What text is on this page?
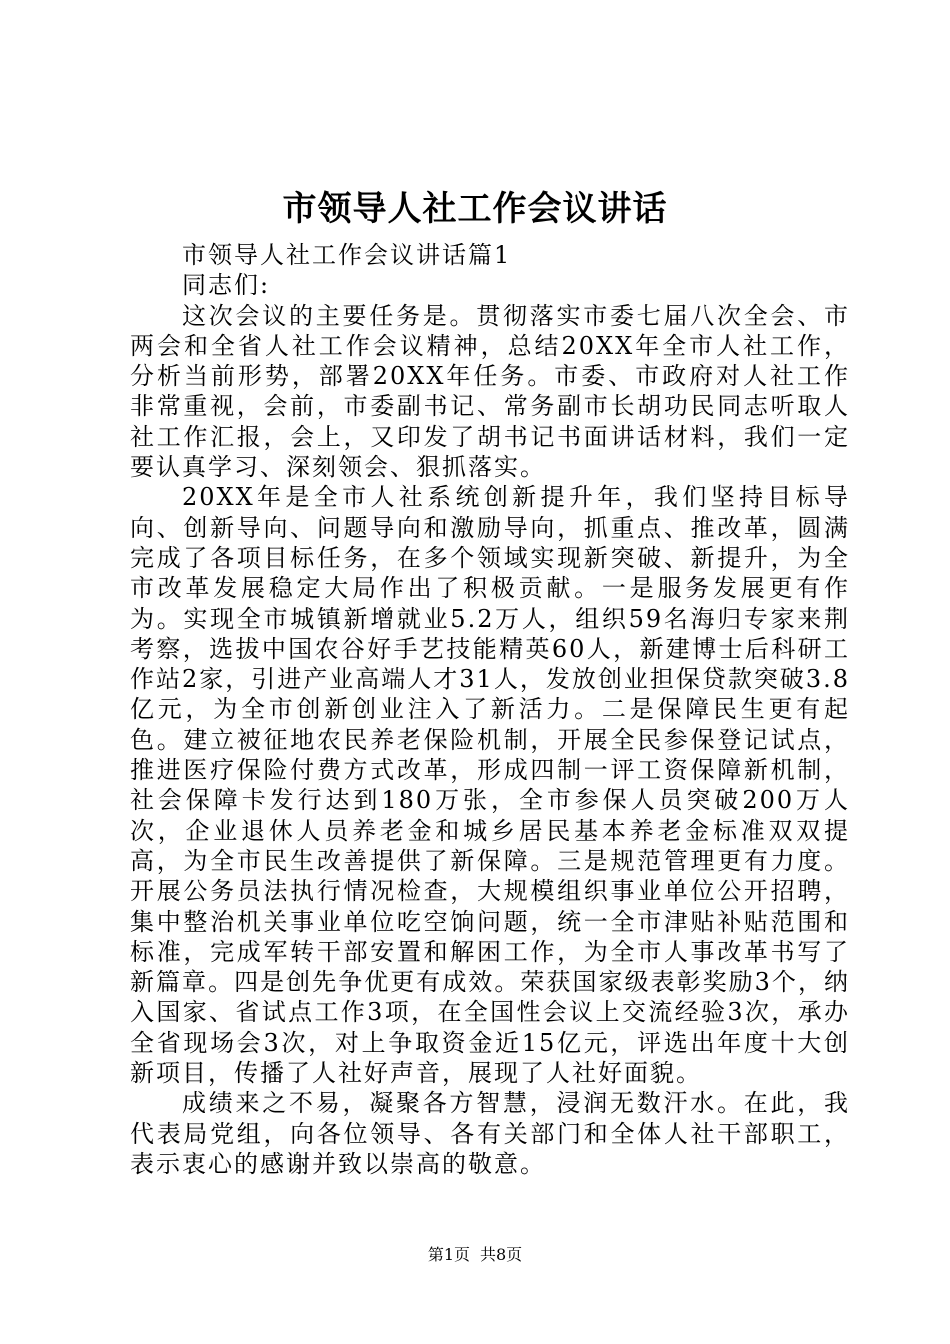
市领导人社工作会议讲话

市领导人社工作会议讲话篇1

同志们:

这次会议的主要任务是。贯彻落实市委七届八次全会、市两会和全省人社工作会议精神，总结20XX年全市人社工作，分析当前形势，部署20XX年任务。市委、市政府对人社工作非常重视，会前，市委副书记、常务副市长胡功民同志听取人社工作汇报，会上，又印发了胡书记书面讲话材料，我们一定要认真学习、深刻领会、狠抓落实。

20XX年是全市人社系统创新提升年，我们坚持目标导向、创新导向、问题导向和激励导向，抓重点、推改革，圆满完成了各项目标任务，在多个领域实现新突破、新提升，为全市改革发展稳定大局作出了积极贡献。一是服务发展更有作为。实现全市城镇新增就业5.2万人，组织59名海归专家来荆考察，选拔中国农谷好手艺技能精英60人，新建博士后科研工作站2家，引进产业高端人才31人，发放创业担保贷款突破3.8亿元，为全市创新创业注入了新活力。二是保障民生更有起色。建立被征地农民养老保险机制，开展全民参保登记试点，推进医疗保险付费方式改革，形成四制一评工资保障新机制，社会保障卡发行达到180万张，全市参保人员突破200万人次，企业退休人员养老金和城乡居民基本养老金标准双双提高，为全市民生改善提供了新保障。三是规范管理更有力度。开展公务员法执行情况检查，大规模组织事业单位公开招聘，集中整治机关事业单位吃空饷问题，统一全市津贴补贴范围和标准，完成军转干部安置和解困工作，为全市人事改革书写了新篇章。四是创先争优更有成效。荣获国家级表彰奖励3个，纳入国家、省试点工作3项，在全国性会议上交流经验3次，承办全省现场会3次，对上争取资金近15亿元，评选出年度十大创新项目，传播了人社好声音，展现了人社好面貌。

成绩来之不易，凝聚各方智慧，浸润无数汗水。在此，我代表局党组，向各位领导、各有关部门和全体人社干部职工，表示衷心的感谢并致以崇高的敬意。

第1页 共8页
